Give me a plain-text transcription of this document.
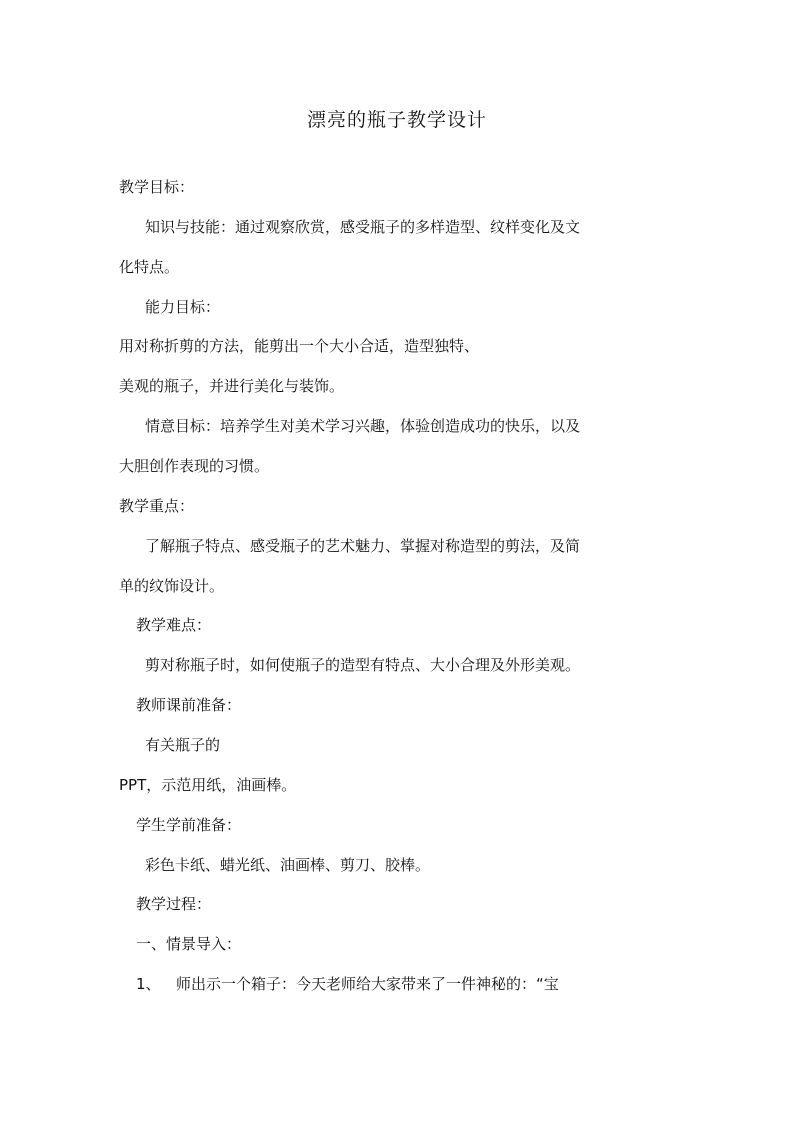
漂亮的瓶子教学设计
教学目标：
知识与技能：通过观察欣赏，感受瓶子的多样造型、纹样变化及文
化特点。
能力目标：
用对称折剪的方法，能剪出一个大小合适，造型独特、
美观的瓶子，并进行美化与装饰。
情意目标：培养学生对美术学习兴趣，体验创造成功的快乐，以及
大胆创作表现的习惯。
教学重点：
了解瓶子特点、感受瓶子的艺术魅力、掌握对称造型的剪法，及简
单的纹饰设计。
教学难点：
剪对称瓶子时，如何使瓶子的造型有特点、大小合理及外形美观。
教师课前准备：
有关瓶子的
PPT，示范用纸，油画棒。
学生学前准备：
彩色卡纸、蜡光纸、油画棒、剪刀、胶棒。
教学过程：
一、情景导入：
1、 师出示一个箱子：今天老师给大家带来了一件神秘的：“宝
